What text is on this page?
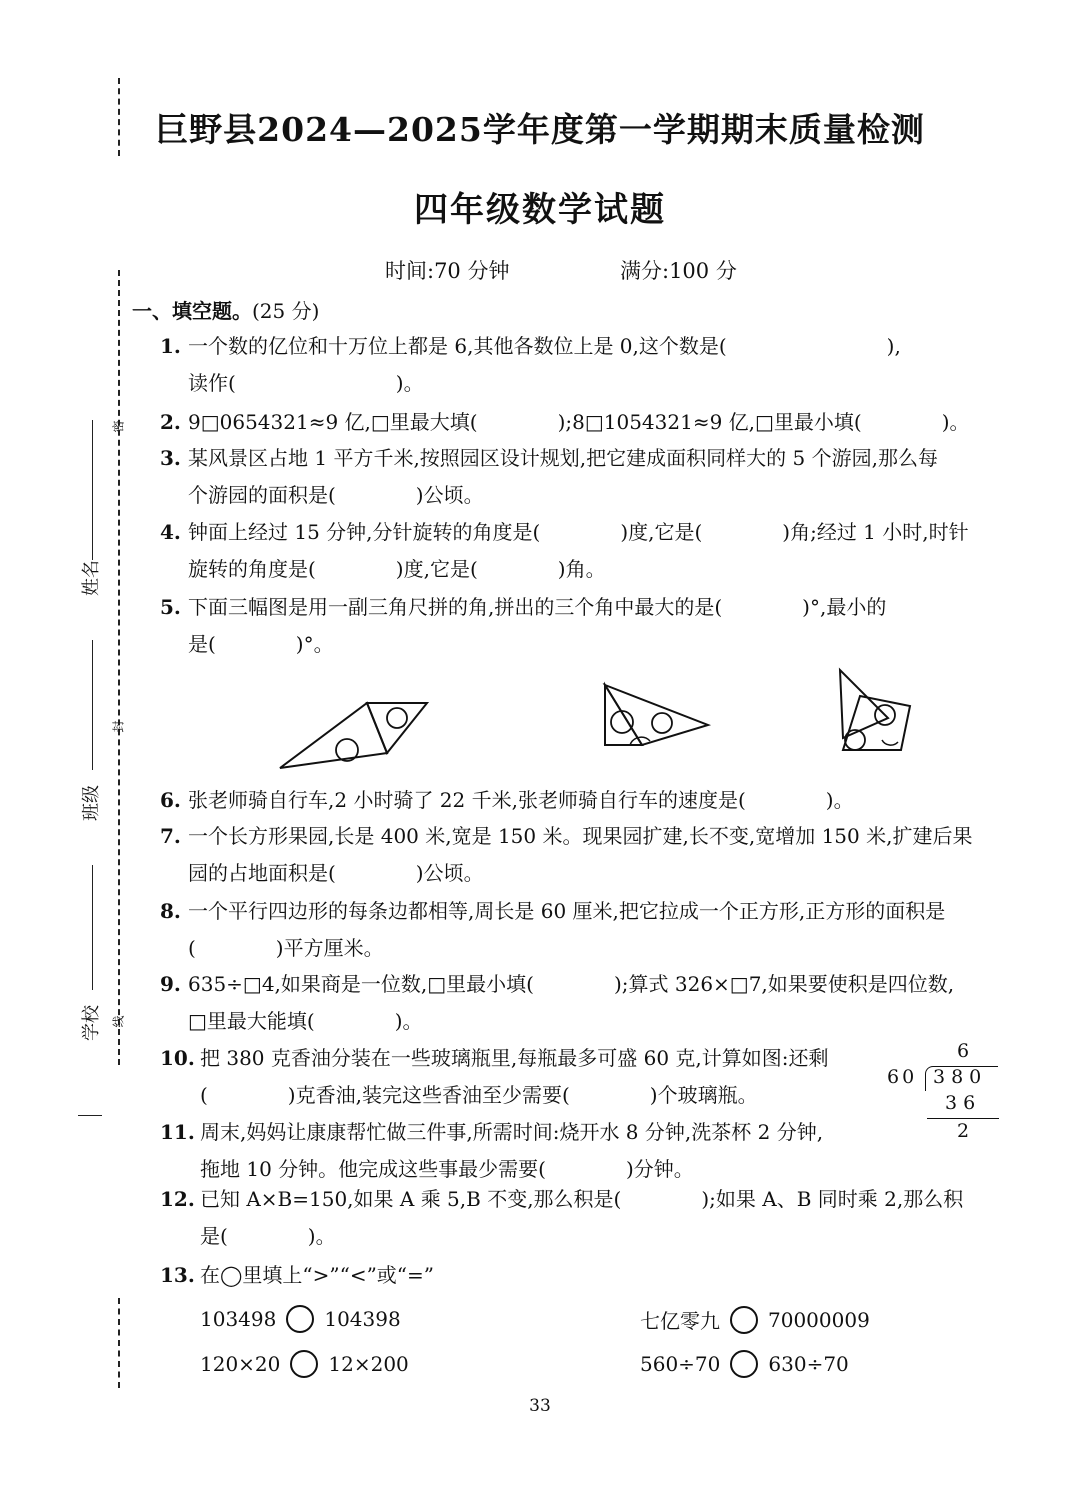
姓名
班级
学校
密
封
线
巨野县2024—2025学年度第一学期期末质量检测
四年级数学试题
时间:70 分钟	满分:100 分
一、填空题。(25 分)
1. 一个数的亿位和十万位上都是 6,其他各数位上是 0,这个数是(　　　　　　　　),
读作(　　　　　　　　)。
2. 9□0654321≈9 亿,□里最大填(　　　　);8□1054321≈9 亿,□里最小填(　　　　)。
3. 某风景区占地 1 平方千米,按照园区设计规划,把它建成面积同样大的 5 个游园,那么每
个游园的面积是(　　　　)公顷。
4. 钟面上经过 15 分钟,分针旋转的角度是(　　　　)度,它是(　　　　)角;经过 1 小时,时针
旋转的角度是(　　　　)度,它是(　　　　)角。
5. 下面三幅图是用一副三角尺拼的角,拼出的三个角中最大的是(　　　　)°,最小的
是(　　　　)°。
6. 张老师骑自行车,2 小时骑了 22 千米,张老师骑自行车的速度是(　　　　)。
7. 一个长方形果园,长是 400 米,宽是 150 米。现果园扩建,长不变,宽增加 150 米,扩建后果
园的占地面积是(　　　　)公顷。
8. 一个平行四边形的每条边都相等,周长是 60 厘米,把它拉成一个正方形,正方形的面积是
(　　　　)平方厘米。
9. 635÷□4,如果商是一位数,□里最小填(　　　　);算式 326×□7,如果要使积是四位数,
□里最大能填(　　　　)。
10. 把 380 克香油分装在一些玻璃瓶里,每瓶最多可盛 60 克,计算如图:还剩
(　　　　)克香油,装完这些香油至少需要(　　　　)个玻璃瓶。
6
60 380
36
2
11. 周末,妈妈让康康帮忙做三件事,所需时间:烧开水 8 分钟,洗茶杯 2 分钟,
拖地 10 分钟。他完成这些事最少需要(　　　　)分钟。
12. 已知 A×B=150,如果 A 乘 5,B 不变,那么积是(　　　　);如果 A、B 同时乘 2,那么积
是(　　　　)。
13. 在◯里填上“>”“<”或“=”
103498 104398	七亿零九 70000009
120×20 12×200	560÷70 630÷70
33
